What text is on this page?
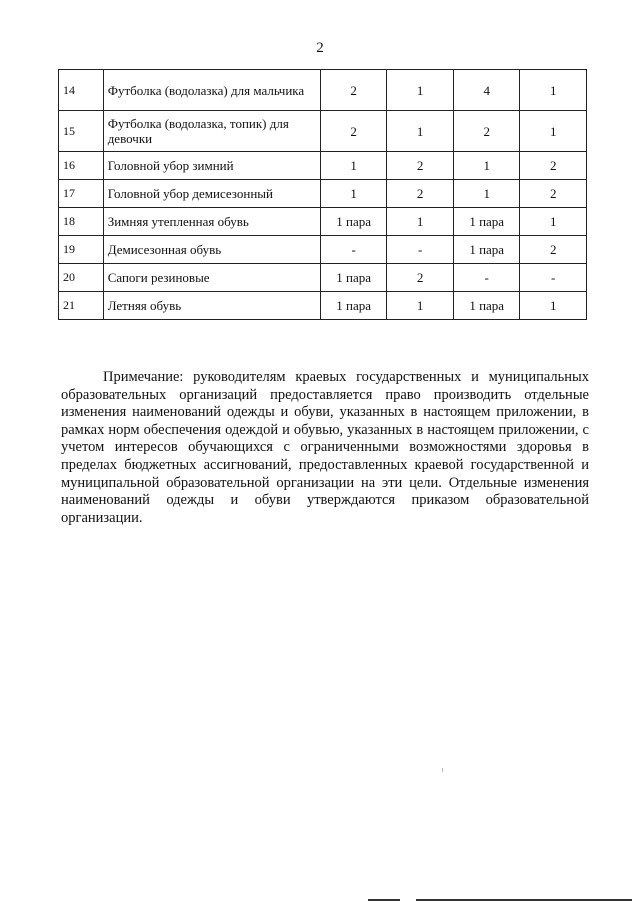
2
14	Футболка (водолазка) для мальчика	2	1	4	1
15	Футболка (водолазка, топик) для девочки	2	1	2	1
16	Головной убор зимний	1	2	1	2
17	Головной убор демисезонный	1	2	1	2
18	Зимняя утепленная обувь	1 пара	1	1 пара	1
19	Демисезонная обувь	-	-	1 пара	2
20	Сапоги резиновые	1 пара	2	-	-
21	Летняя обувь	1 пара	1	1 пара	1
Примечание: руководителям краевых государственных и муниципальных образовательных организаций предоставляется право производить отдельные изменения наименований одежды и обуви, указанных в настоящем приложении, в рамках норм обеспечения одеждой и обувью, указанных в настоящем приложении, с учетом интересов обучающихся с ограниченными возможностями здоровья в пределах бюджетных ассигнований, предоставленных краевой государственной и муниципальной образовательной организации на эти цели. Отдельные изменения наименований одежды и обуви утверждаются приказом образовательной организации.
